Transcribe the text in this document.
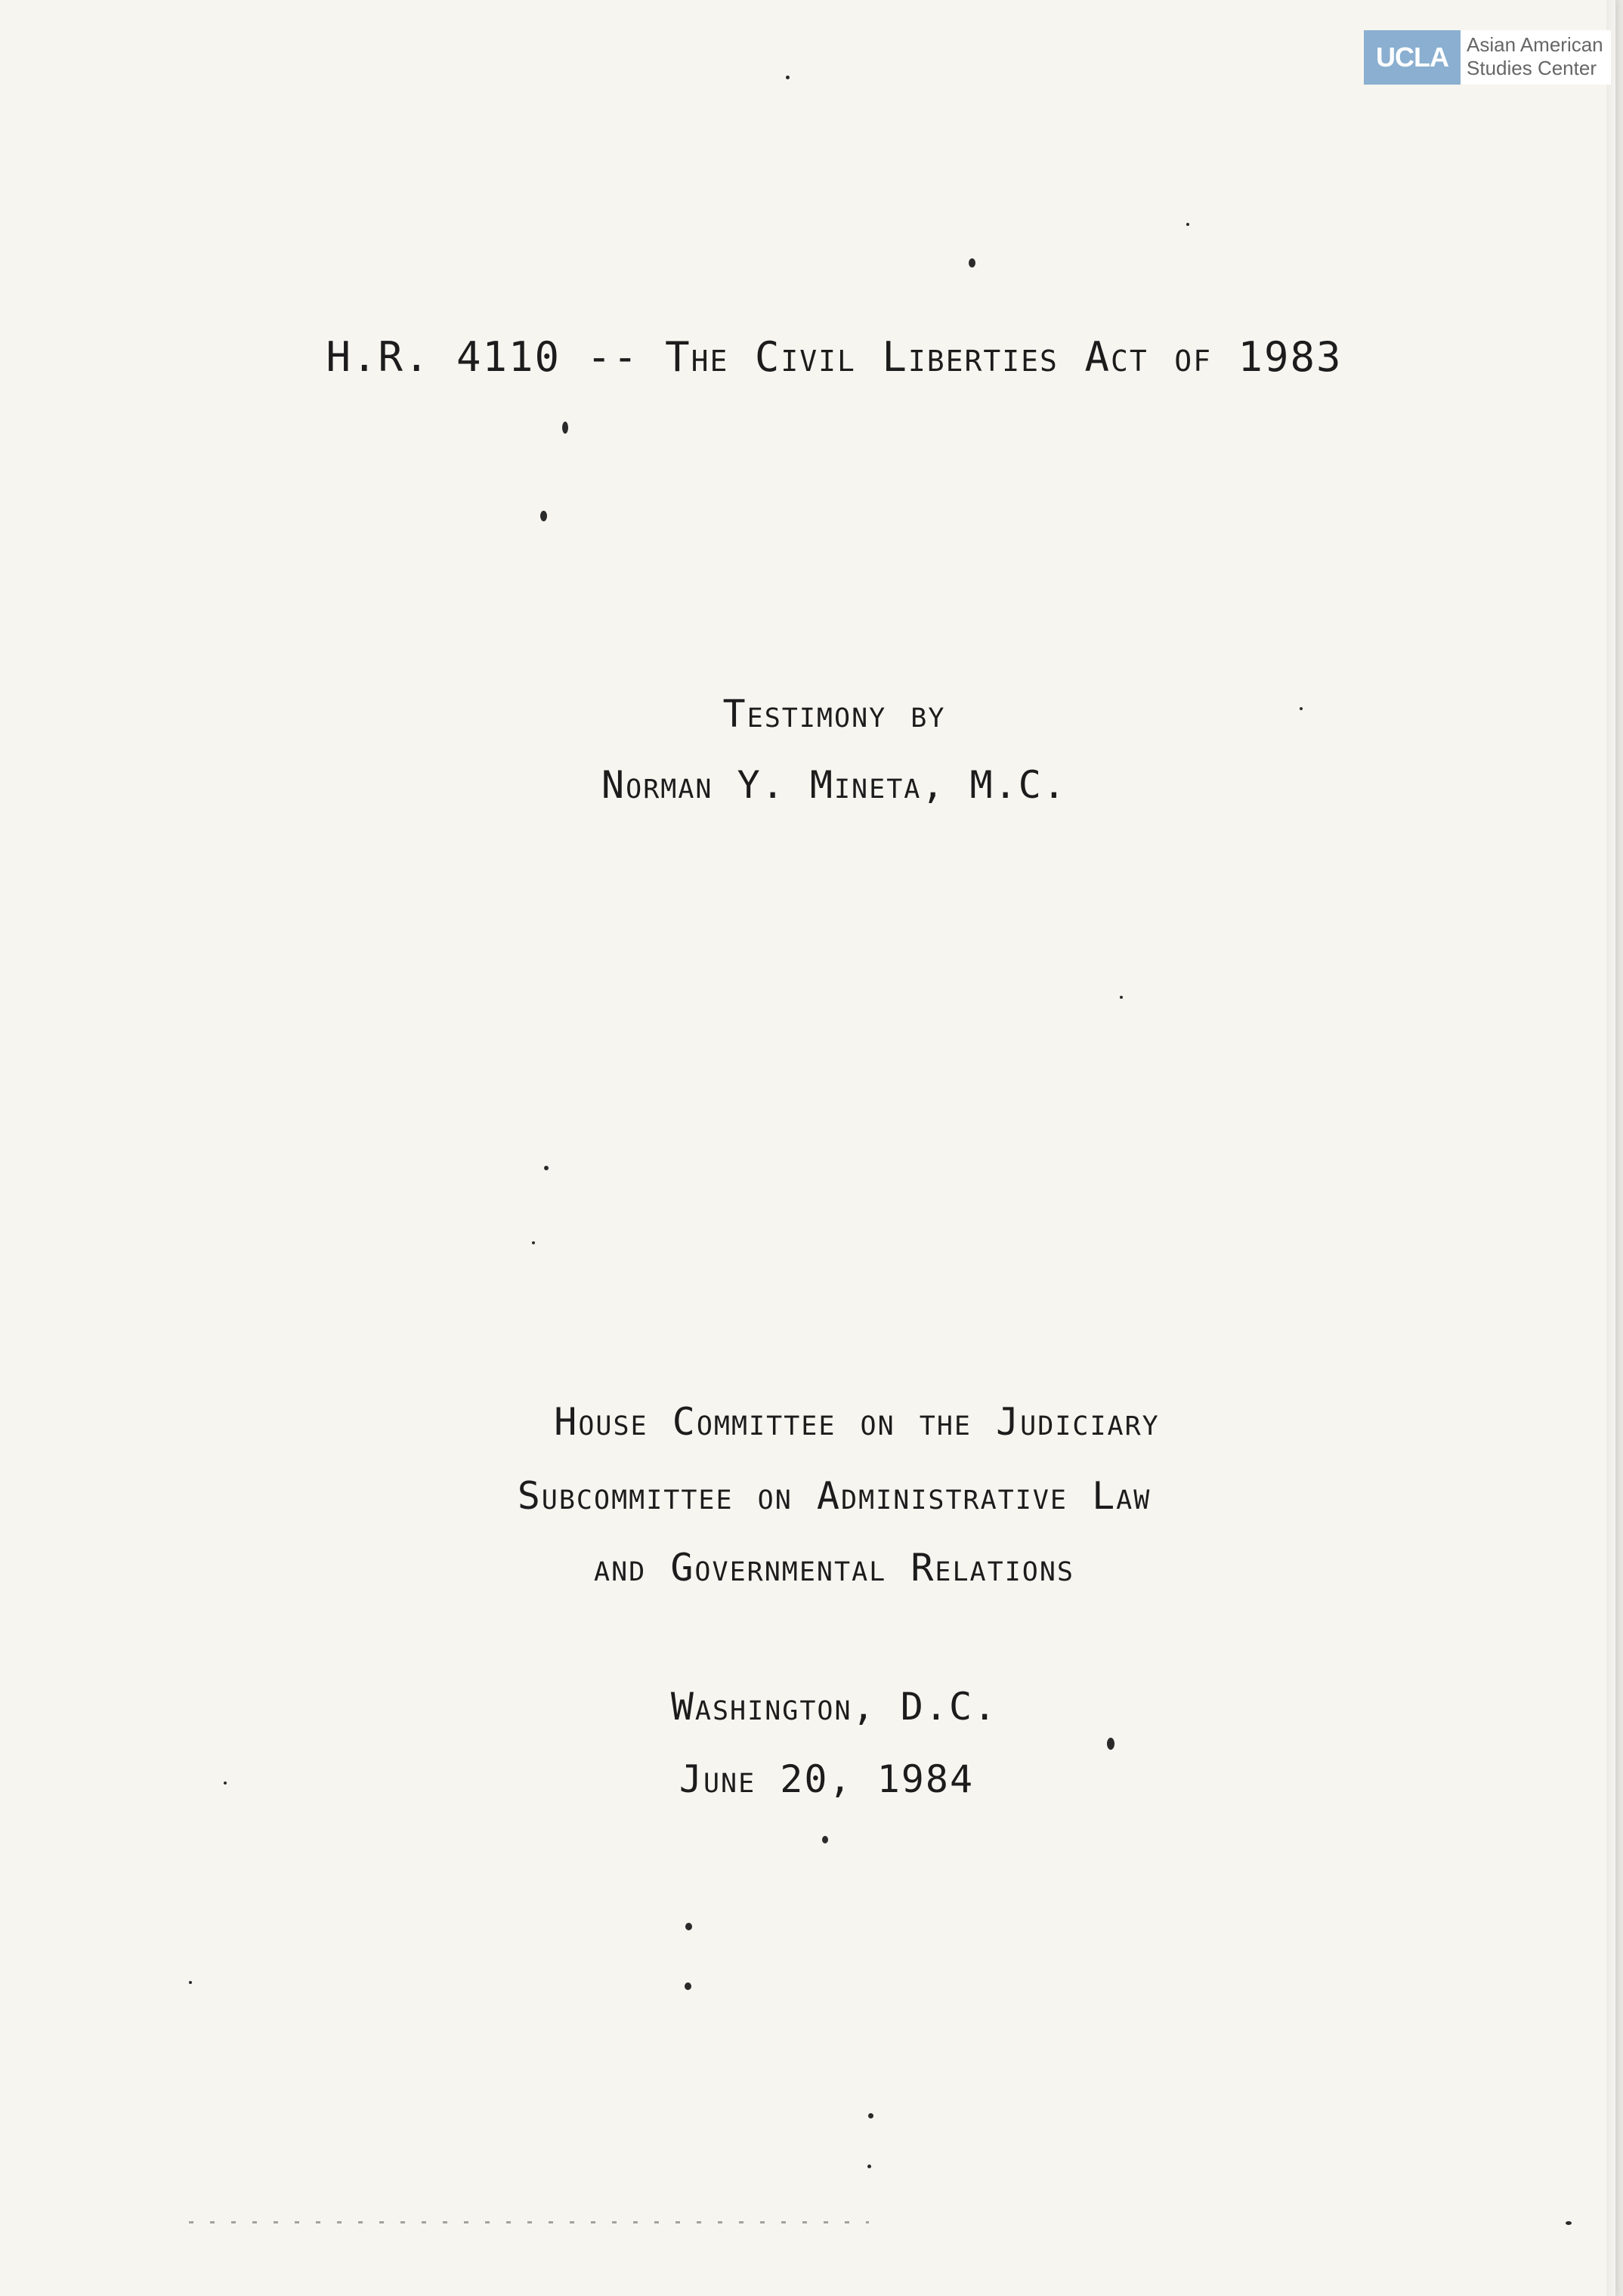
UCLA Asian American
Studies Center
H.R. 4110 -- The Civil Liberties Act of 1983
Testimony by
Norman Y. Mineta, M.C.
House Committee on the Judiciary
Subcommittee on Administrative Law
and Governmental Relations
Washington, D.C.
June 20, 1984
